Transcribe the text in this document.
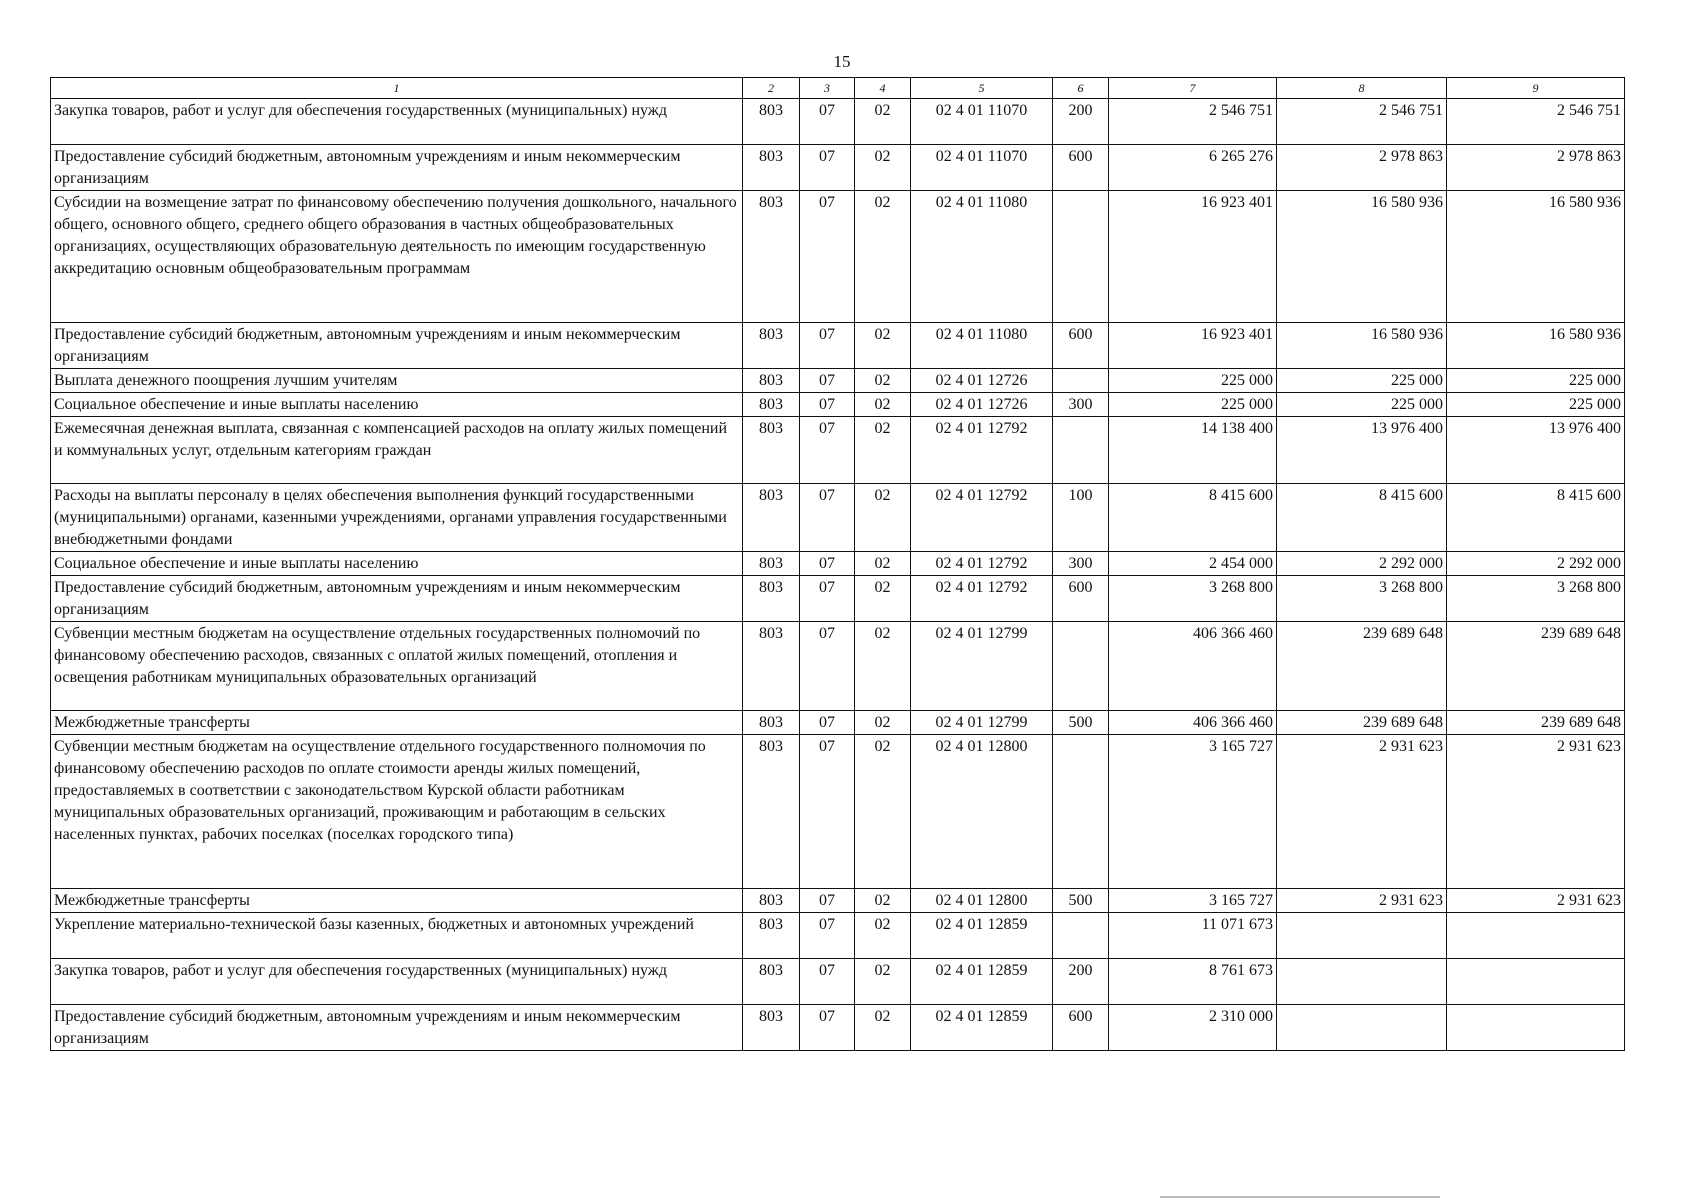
15
1	2	3	4	5	6	7	8	9
Закупка товаров, работ и услуг для обеспечения государственных (муниципальных) нужд	803	07	02	02 4 01 11070	200	2 546 751	2 546 751	2 546 751
Предоставление субсидий бюджетным, автономным учреждениям и иным некоммерческим организациям	803	07	02	02 4 01 11070	600	6 265 276	2 978 863	2 978 863
Субсидии на возмещение затрат по финансовому обеспечению получения дошкольного, начального общего, основного общего, среднего общего образования в частных общеобразовательных организациях, осуществляющих образовательную деятельность по имеющим государственную аккредитацию основным общеобразовательным программам	803	07	02	02 4 01 11080		16 923 401	16 580 936	16 580 936
Предоставление субсидий бюджетным, автономным учреждениям и иным некоммерческим организациям	803	07	02	02 4 01 11080	600	16 923 401	16 580 936	16 580 936
Выплата денежного поощрения лучшим учителям	803	07	02	02 4 01 12726		225 000	225 000	225 000
Социальное обеспечение и иные выплаты населению	803	07	02	02 4 01 12726	300	225 000	225 000	225 000
Ежемесячная денежная выплата, связанная с компенсацией расходов на оплату жилых помещений и коммунальных услуг, отдельным категориям граждан	803	07	02	02 4 01 12792		14 138 400	13 976 400	13 976 400
Расходы на выплаты персоналу в целях обеспечения выполнения функций государственными (муниципальными) органами, казенными учреждениями, органами управления государственными внебюджетными фондами	803	07	02	02 4 01 12792	100	8 415 600	8 415 600	8 415 600
Социальное обеспечение и иные выплаты населению	803	07	02	02 4 01 12792	300	2 454 000	2 292 000	2 292 000
Предоставление субсидий бюджетным, автономным учреждениям и иным некоммерческим организациям	803	07	02	02 4 01 12792	600	3 268 800	3 268 800	3 268 800
Субвенции местным бюджетам на осуществление отдельных государственных полномочий по финансовому обеспечению расходов, связанных с оплатой жилых помещений, отопления и освещения работникам муниципальных образовательных организаций	803	07	02	02 4 01 12799		406 366 460	239 689 648	239 689 648
Межбюджетные трансферты	803	07	02	02 4 01 12799	500	406 366 460	239 689 648	239 689 648
Субвенции местным бюджетам на осуществление отдельного государственного полномочия по финансовому обеспечению расходов по оплате стоимости аренды жилых помещений, предоставляемых в соответствии с законодательством Курской области работникам муниципальных образовательных организаций, проживающим и работающим в сельских населенных пунктах, рабочих поселках (поселках городского типа)	803	07	02	02 4 01 12800		3 165 727	2 931 623	2 931 623
Межбюджетные трансферты	803	07	02	02 4 01 12800	500	3 165 727	2 931 623	2 931 623
Укрепление материально-технической базы казенных, бюджетных и автономных учреждений	803	07	02	02 4 01 12859		11 071 673		
Закупка товаров, работ и услуг для обеспечения государственных (муниципальных) нужд	803	07	02	02 4 01 12859	200	8 761 673		
Предоставление субсидий бюджетным, автономным учреждениям и иным некоммерческим организациям	803	07	02	02 4 01 12859	600	2 310 000		
